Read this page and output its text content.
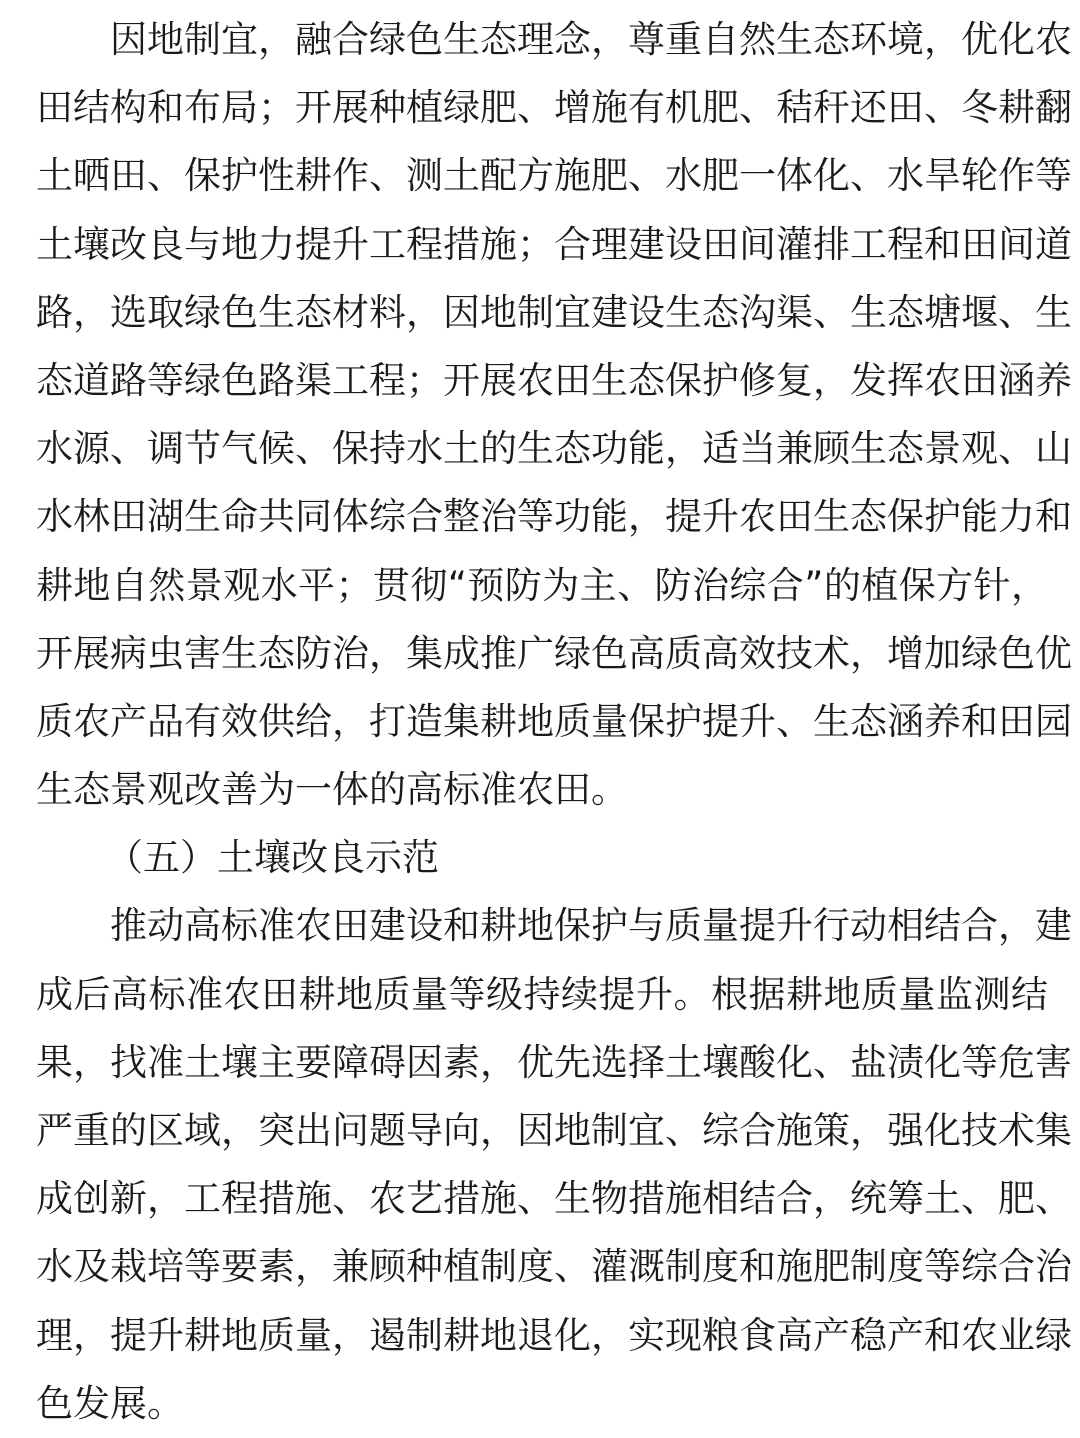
因地制宜，融合绿色生态理念，尊重自然生态环境，优化农
田结构和布局；开展种植绿肥、增施有机肥、秸秆还田、冬耕翻
土晒田、保护性耕作、测土配方施肥、水肥一体化、水旱轮作等
土壤改良与地力提升工程措施；合理建设田间灌排工程和田间道
路，选取绿色生态材料，因地制宜建设生态沟渠、生态塘堰、生
态道路等绿色路渠工程；开展农田生态保护修复，发挥农田涵养
水源、调节气候、保持水土的生态功能，适当兼顾生态景观、山
水林田湖生命共同体综合整治等功能，提升农田生态保护能力和
耕地自然景观水平；贯彻“预防为主、防治综合”的植保方针，
开展病虫害生态防治，集成推广绿色高质高效技术，增加绿色优
质农产品有效供给，打造集耕地质量保护提升、生态涵养和田园
生态景观改善为一体的高标准农田。
（五）土壤改良示范
推动高标准农田建设和耕地保护与质量提升行动相结合，建
成后高标准农田耕地质量等级持续提升。根据耕地质量监测结
果，找准土壤主要障碍因素，优先选择土壤酸化、盐渍化等危害
严重的区域，突出问题导向，因地制宜、综合施策，强化技术集
成创新，工程措施、农艺措施、生物措施相结合，统筹土、肥、
水及栽培等要素，兼顾种植制度、灌溉制度和施肥制度等综合治
理，提升耕地质量，遏制耕地退化，实现粮食高产稳产和农业绿
色发展。
